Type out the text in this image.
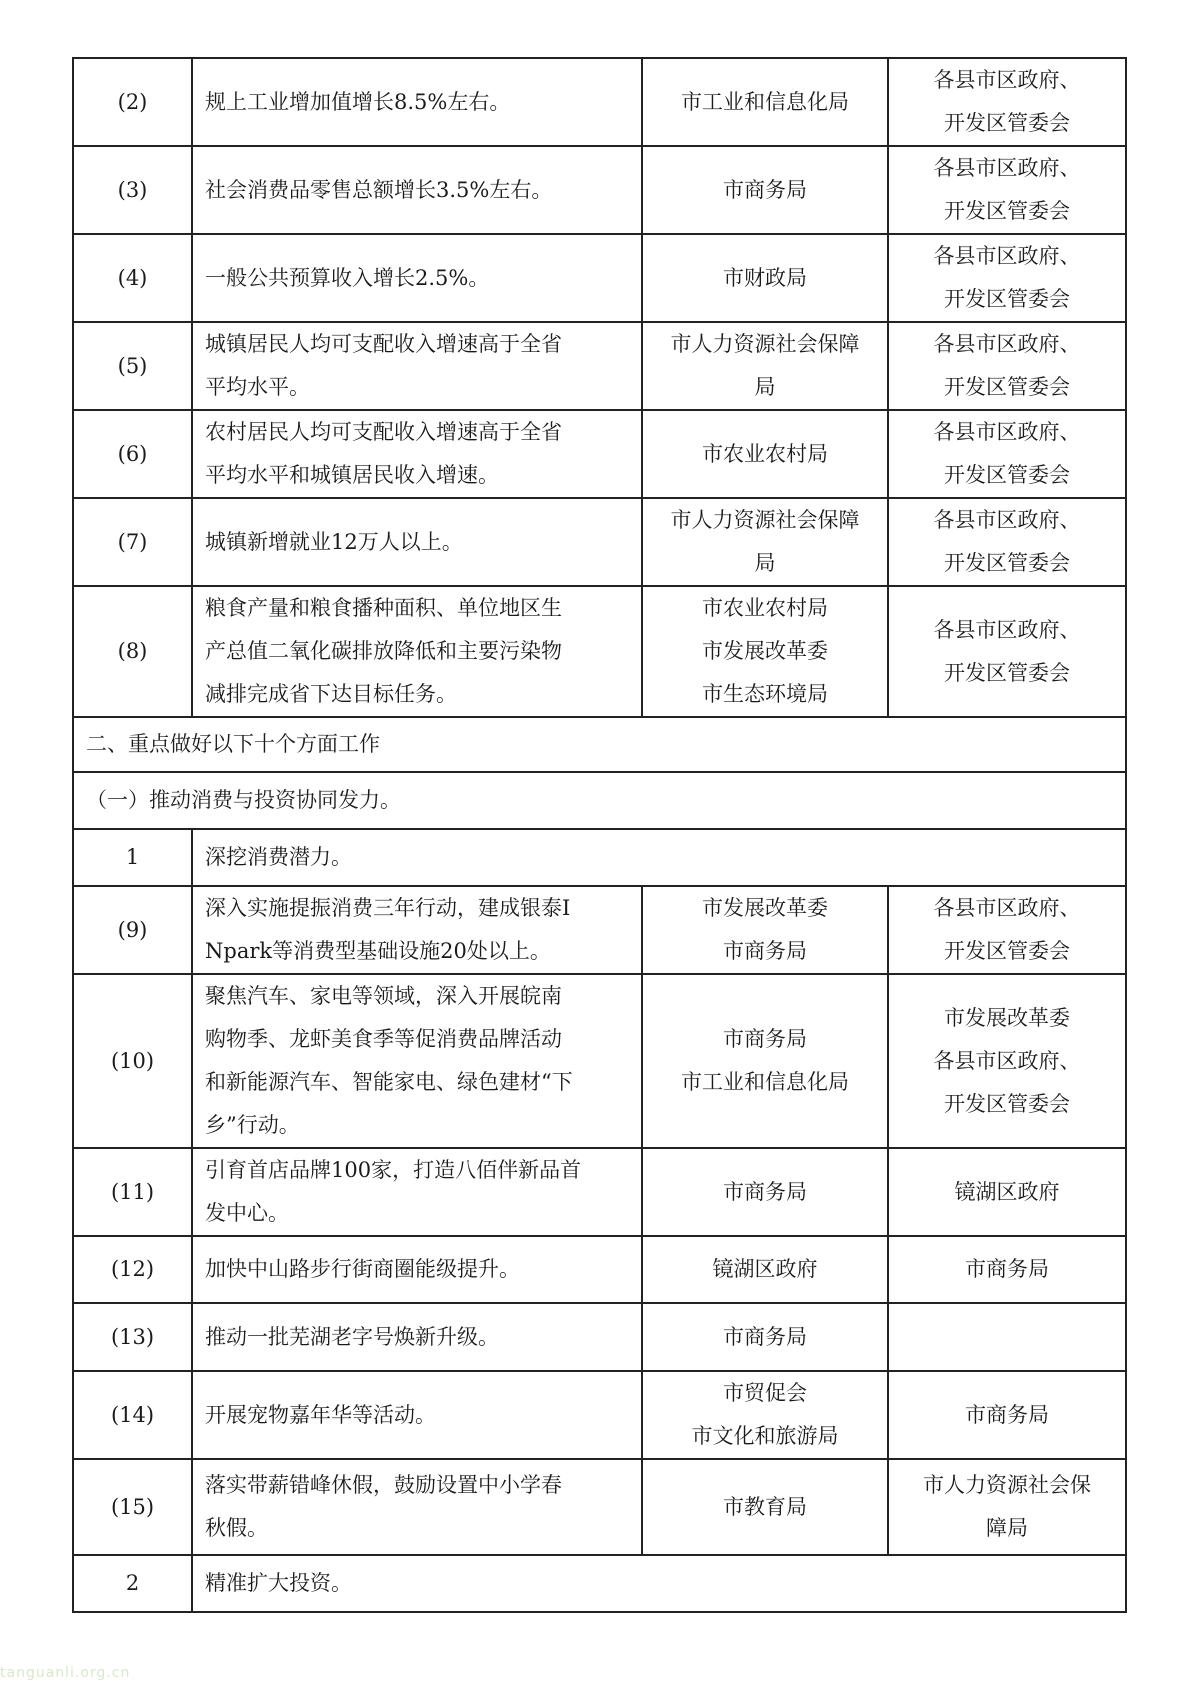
(2)	规上工业增加值增长8.5%左右。	市工业和信息化局	各县市区政府、
开发区管委会

(3)	社会消费品零售总额增长3.5%左右。	市商务局	各县市区政府、
开发区管委会

(4)	一般公共预算收入增长2.5%。	市财政局	各县市区政府、
开发区管委会

(5)	城镇居民人均可支配收入增速高于全省
平均水平。	市人力资源社会保障
局	各县市区政府、
开发区管委会

(6)	农村居民人均可支配收入增速高于全省
平均水平和城镇居民收入增速。	市农业农村局	各县市区政府、
开发区管委会

(7)	城镇新增就业12万人以上。	市人力资源社会保障
局	各县市区政府、
开发区管委会

(8)	粮食产量和粮食播种面积、单位地区生
产总值二氧化碳排放降低和主要污染物
减排完成省下达目标任务。	市农业农村局
市发展改革委
市生态环境局	各县市区政府、
开发区管委会

二、重点做好以下十个方面工作			
（一）推动消费与投资协同发力。			
1	深挖消费潜力。		
(9)	深入实施提振消费三年行动，建成银泰I
Npark等消费型基础设施20处以上。	市发展改革委
市商务局	各县市区政府、
开发区管委会

(10)	聚焦汽车、家电等领域，深入开展皖南
购物季、龙虾美食季等促消费品牌活动
和新能源汽车、智能家电、绿色建材“下
乡”行动。	市商务局
市工业和信息化局	市发展改革委
各县市区政府、
开发区管委会

(11)	引育首店品牌100家，打造八佰伴新品首
发中心。	市商务局	镜湖区政府

(12)	加快中山路步行街商圈能级提升。	镜湖区政府	市商务局

(13)	推动一批芜湖老字号焕新升级。	市商务局	

(14)	开展宠物嘉年华等活动。	市贸促会
市文化和旅游局	市商务局

(15)	落实带薪错峰休假，鼓励设置中小学春
秋假。	市教育局	市人力资源社会保
障局

2	精准扩大投资。		
tanguanli.org.cn
